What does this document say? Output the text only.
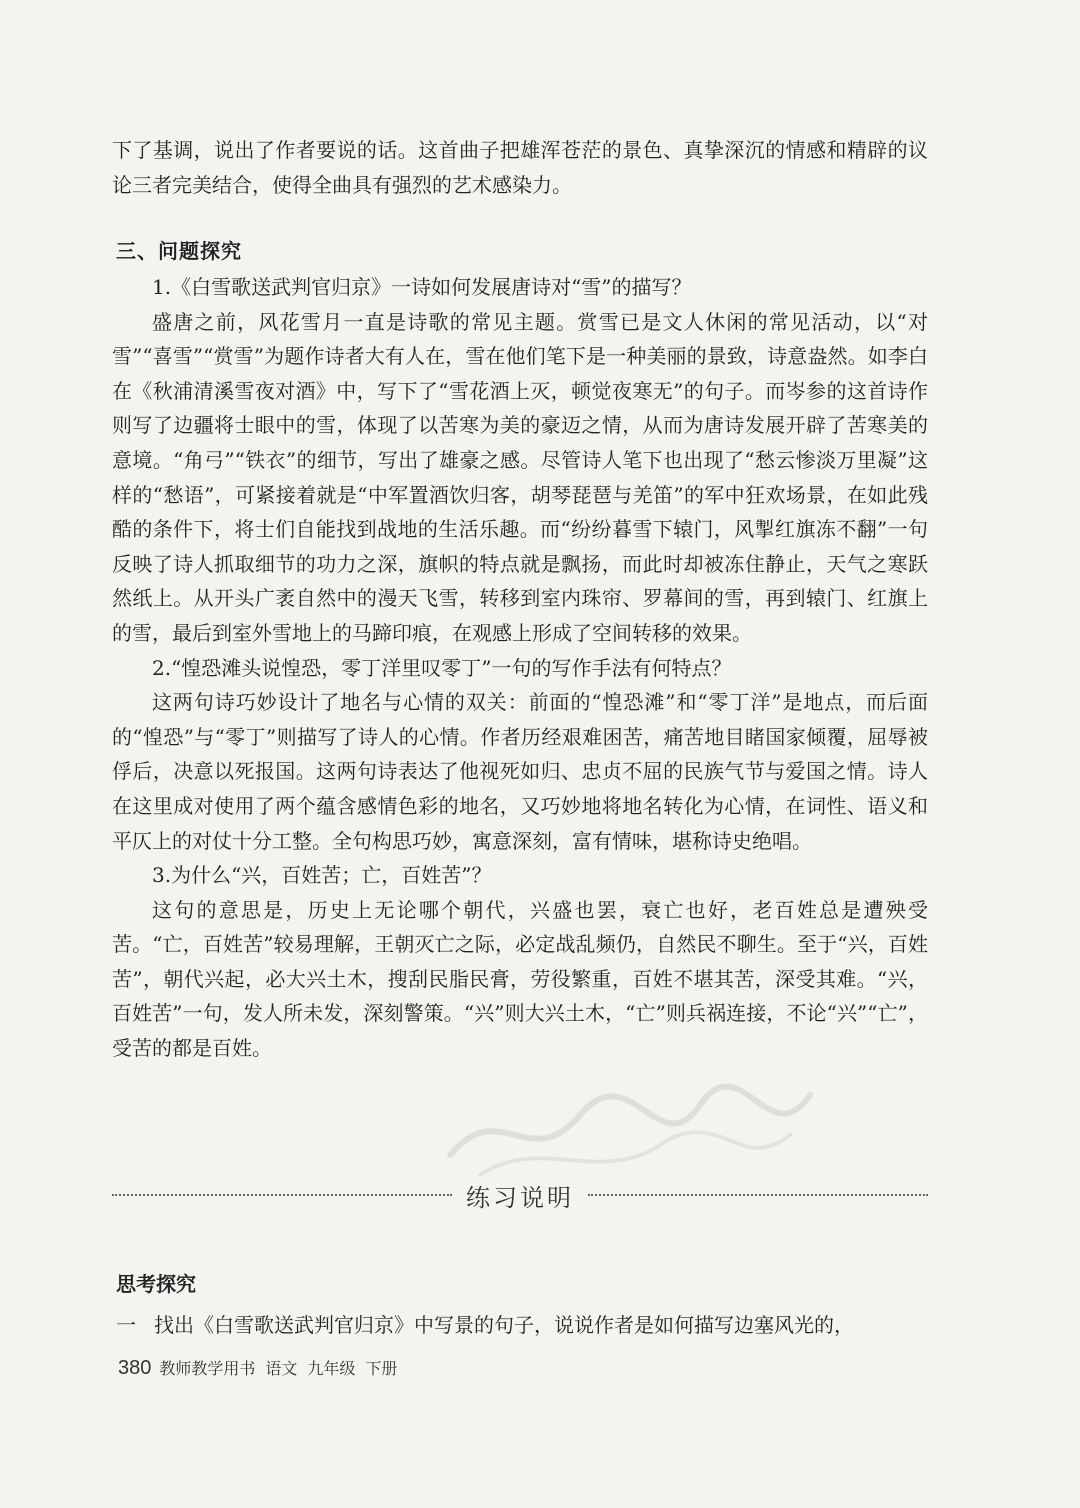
下了基调，说出了作者要说的话。这首曲子把雄浑苍茫的景色、真挚深沉的情感和精辟的议论三者完美结合，使得全曲具有强烈的艺术感染力。

三、问题探究

1.《白雪歌送武判官归京》一诗如何发展唐诗对“雪”的描写？

盛唐之前，风花雪月一直是诗歌的常见主题。赏雪已是文人休闲的常见活动，以“对雪”“喜雪”“赏雪”为题作诗者大有人在，雪在他们笔下是一种美丽的景致，诗意盎然。如李白在《秋浦清溪雪夜对酒》中，写下了“雪花酒上灭，顿觉夜寒无”的句子。而岑参的这首诗作则写了边疆将士眼中的雪，体现了以苦寒为美的豪迈之情，从而为唐诗发展开辟了苦寒美的意境。“角弓”“铁衣”的细节，写出了雄豪之感。尽管诗人笔下也出现了“愁云惨淡万里凝”这样的“愁语”，可紧接着就是“中军置酒饮归客，胡琴琵琶与羌笛”的军中狂欢场景，在如此残酷的条件下，将士们自能找到战地的生活乐趣。而“纷纷暮雪下辕门，风掣红旗冻不翻”一句反映了诗人抓取细节的功力之深，旗帜的特点就是飘扬，而此时却被冻住静止，天气之寒跃然纸上。从开头广袤自然中的漫天飞雪，转移到室内珠帘、罗幕间的雪，再到辕门、红旗上的雪，最后到室外雪地上的马蹄印痕，在观感上形成了空间转移的效果。

2.“惶恐滩头说惶恐，零丁洋里叹零丁”一句的写作手法有何特点？

这两句诗巧妙设计了地名与心情的双关：前面的“惶恐滩”和“零丁洋”是地点，而后面的“惶恐”与“零丁”则描写了诗人的心情。作者历经艰难困苦，痛苦地目睹国家倾覆，屈辱被俘后，决意以死报国。这两句诗表达了他视死如归、忠贞不屈的民族气节与爱国之情。诗人在这里成对使用了两个蕴含感情色彩的地名，又巧妙地将地名转化为心情，在词性、语义和平仄上的对仗十分工整。全句构思巧妙，寓意深刻，富有情味，堪称诗史绝唱。

3.为什么“兴，百姓苦；亡，百姓苦”？

这句的意思是，历史上无论哪个朝代，兴盛也罢，衰亡也好，老百姓总是遭殃受苦。“亡，百姓苦”较易理解，王朝灭亡之际，必定战乱频仍，自然民不聊生。至于“兴，百姓苦”，朝代兴起，必大兴土木，搜刮民脂民膏，劳役繁重，百姓不堪其苦，深受其难。“兴，百姓苦”一句，发人所未发，深刻警策。“兴”则大兴土木，“亡”则兵祸连接，不论“兴”“亡”，受苦的都是百姓。

练习说明
思考探究
一 找出《白雪歌送武判官归京》中写景的句子，说说作者是如何描写边塞风光的，
380 教师教学用书 语文 九年级 下册
